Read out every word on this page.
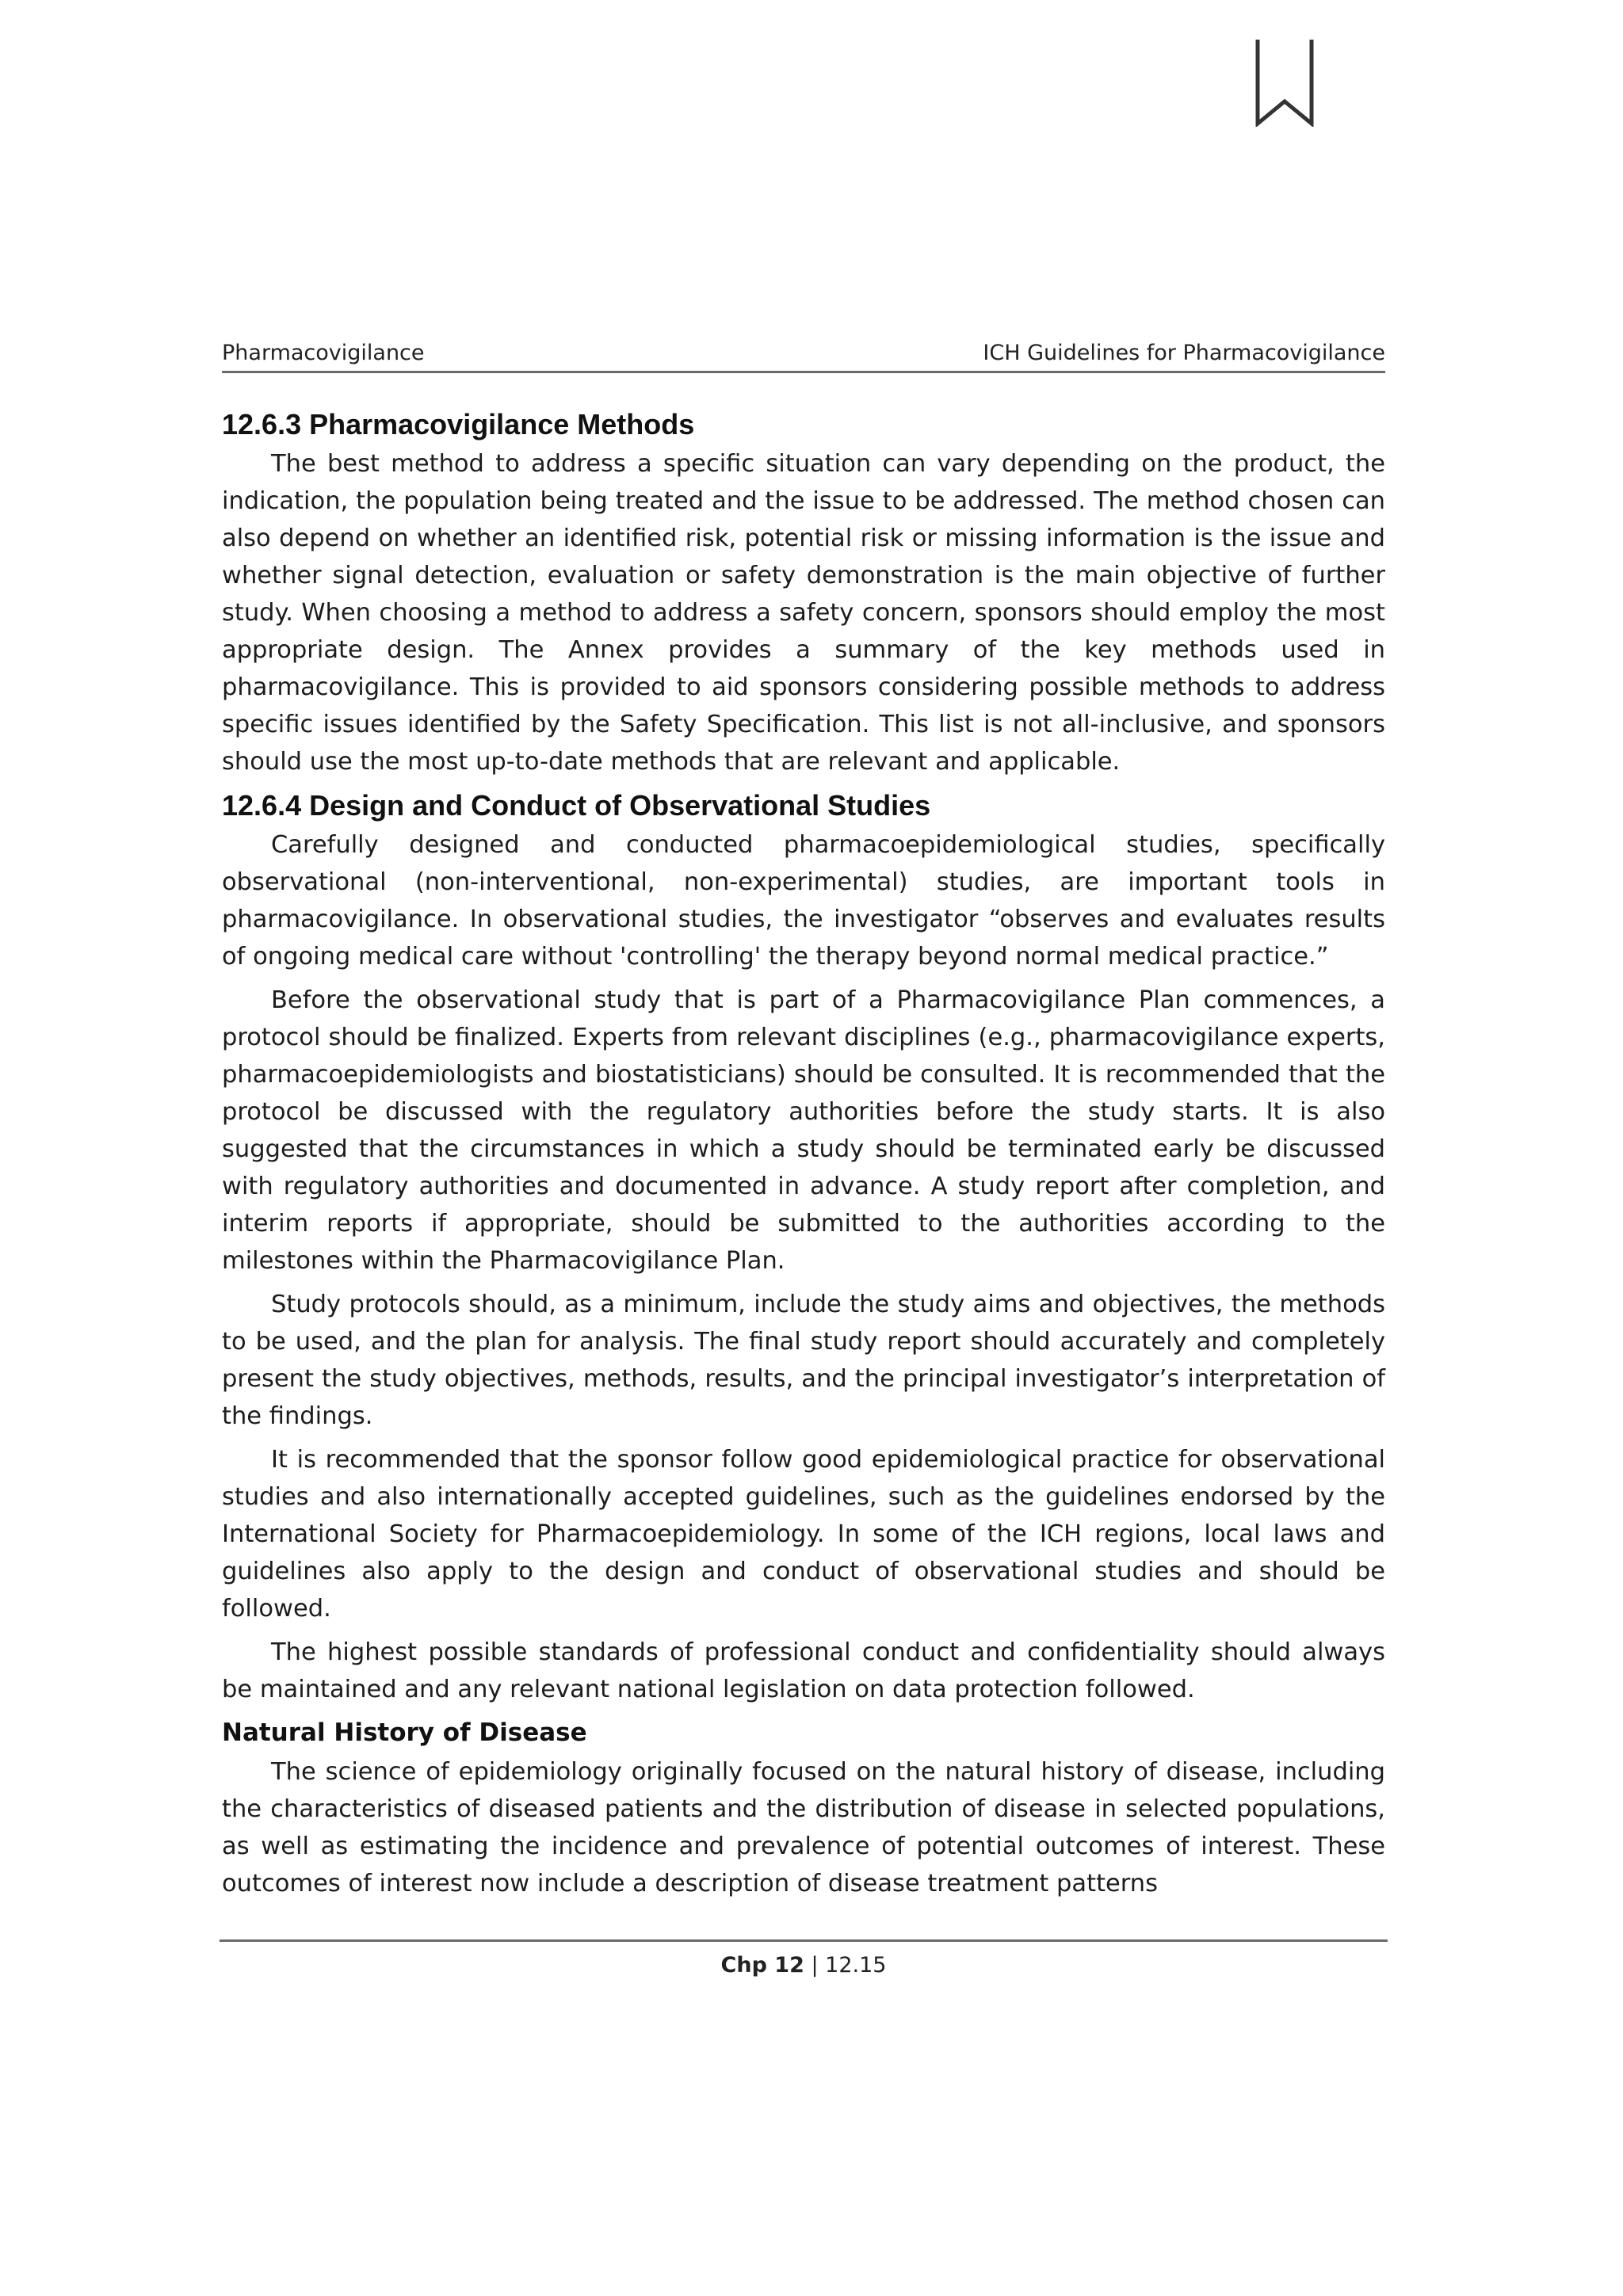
Pharmacovigilance	ICH Guidelines for Pharmacovigilance
12.6.3 Pharmacovigilance Methods

The best method to address a specific situation can vary depending on the product, the indication, the population being treated and the issue to be addressed. The method chosen can also depend on whether an identified risk, potential risk or missing information is the issue and whether signal detection, evaluation or safety demonstration is the main objective of further study. When choosing a method to address a safety concern, sponsors should employ the most appropriate design. The Annex provides a summary of the key methods used in pharmacovigilance. This is provided to aid sponsors considering possible methods to address specific issues identified by the Safety Specification. This list is not all-inclusive, and sponsors should use the most up-to-date methods that are relevant and applicable.

12.6.4 Design and Conduct of Observational Studies

Carefully designed and conducted pharmacoepidemiological studies, specifically observational (non-interventional, non-experimental) studies, are important tools in pharmacovigilance. In observational studies, the investigator “observes and evaluates results of ongoing medical care without 'controlling' the therapy beyond normal medical practice.”

Before the observational study that is part of a Pharmacovigilance Plan commences, a protocol should be finalized. Experts from relevant disciplines (e.g., pharmacovigilance experts, pharmacoepidemiologists and biostatisticians) should be consulted. It is recommended that the protocol be discussed with the regulatory authorities before the study starts. It is also suggested that the circumstances in which a study should be terminated early be discussed with regulatory authorities and documented in advance. A study report after completion, and interim reports if appropriate, should be submitted to the authorities according to the milestones within the Pharmacovigilance Plan.

Study protocols should, as a minimum, include the study aims and objectives, the methods to be used, and the plan for analysis. The final study report should accurately and completely present the study objectives, methods, results, and the principal investigator’s interpretation of the findings.

It is recommended that the sponsor follow good epidemiological practice for observational studies and also internationally accepted guidelines, such as the guidelines endorsed by the International Society for Pharmacoepidemiology. In some of the ICH regions, local laws and guidelines also apply to the design and conduct of observational studies and should be followed.

The highest possible standards of professional conduct and confidentiality should always be maintained and any relevant national legislation on data protection followed.

Natural History of Disease

The science of epidemiology originally focused on the natural history of disease, including the characteristics of diseased patients and the distribution of disease in selected populations, as well as estimating the incidence and prevalence of potential outcomes of interest. These outcomes of interest now include a description of disease treatment patterns

Chp 12 | 12.15
